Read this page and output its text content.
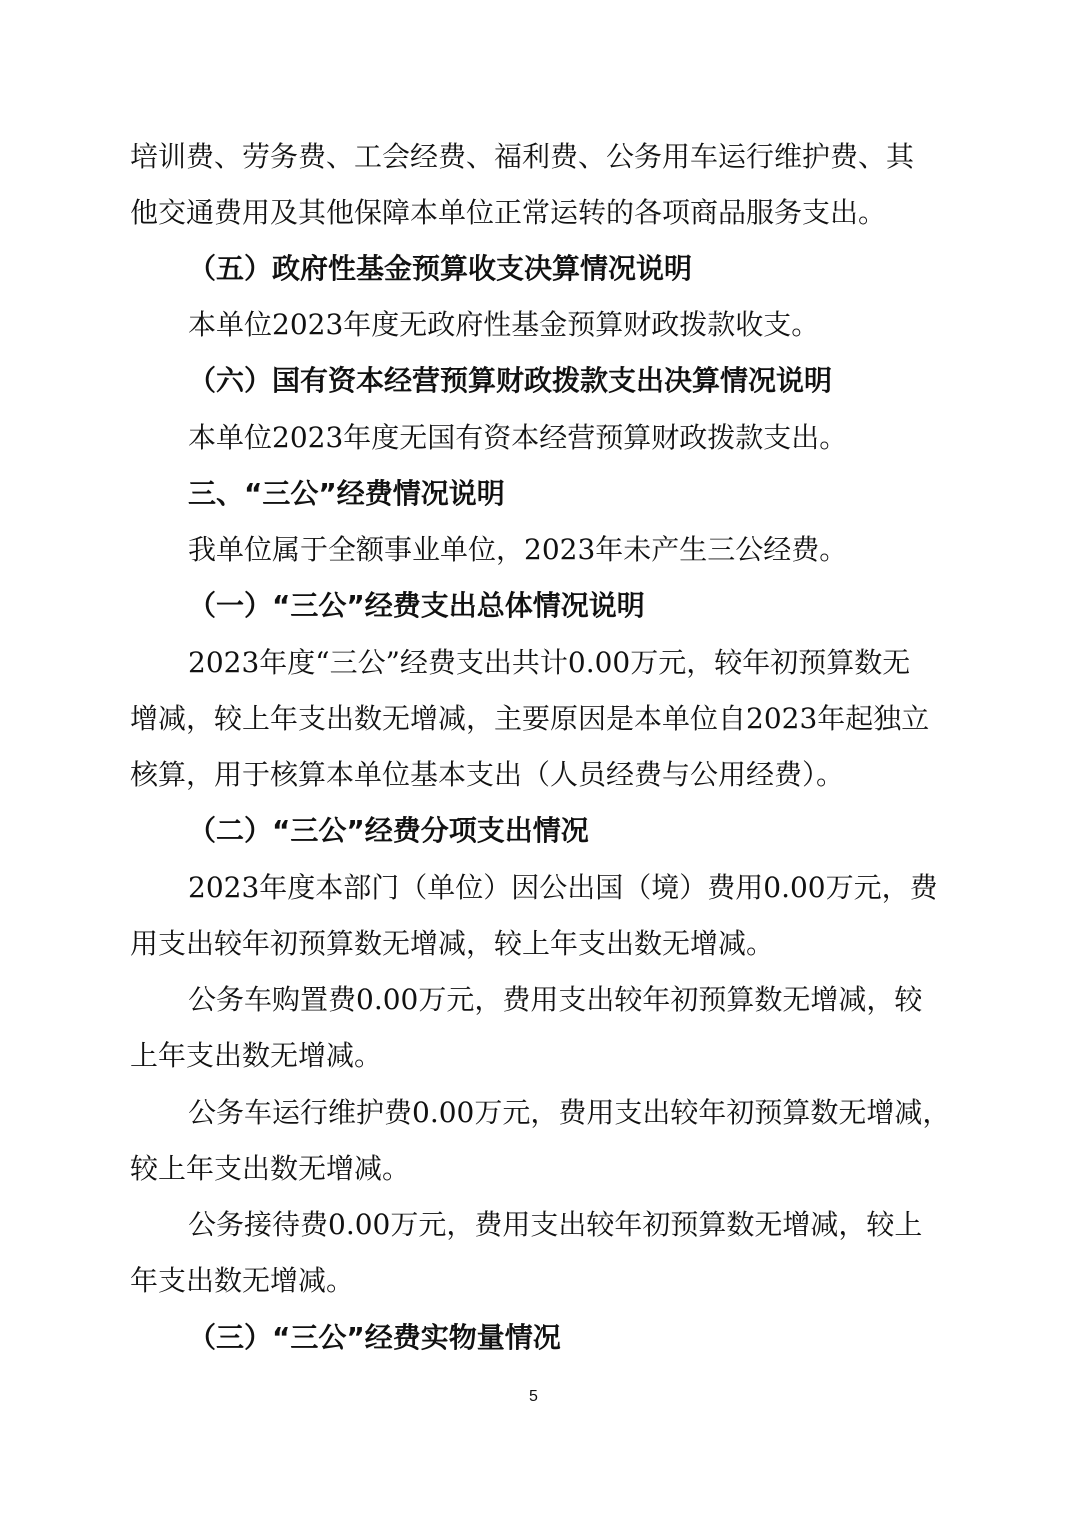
培训费、劳务费、工会经费、福利费、公务用车运行维护费、其
他交通费用及其他保障本单位正常运转的各项商品服务支出。
（五）政府性基金预算收支决算情况说明
本单位2023年度无政府性基金预算财政拨款收支。
（六）国有资本经营预算财政拨款支出决算情况说明
本单位2023年度无国有资本经营预算财政拨款支出。
三、“三公”经费情况说明
我单位属于全额事业单位，2023年未产生三公经费。
（一）“三公”经费支出总体情况说明
2023年度“三公”经费支出共计0.00万元，较年初预算数无
增减，较上年支出数无增减，主要原因是本单位自2023年起独立
核算，用于核算本单位基本支出（人员经费与公用经费）。
（二）“三公”经费分项支出情况
2023年度本部门（单位）因公出国（境）费用0.00万元，费
用支出较年初预算数无增减，较上年支出数无增减。
公务车购置费0.00万元，费用支出较年初预算数无增减，较
上年支出数无增减。
公务车运行维护费0.00万元，费用支出较年初预算数无增减，
较上年支出数无增减。
公务接待费0.00万元，费用支出较年初预算数无增减，较上
年支出数无增减。
（三）“三公”经费实物量情况
5
